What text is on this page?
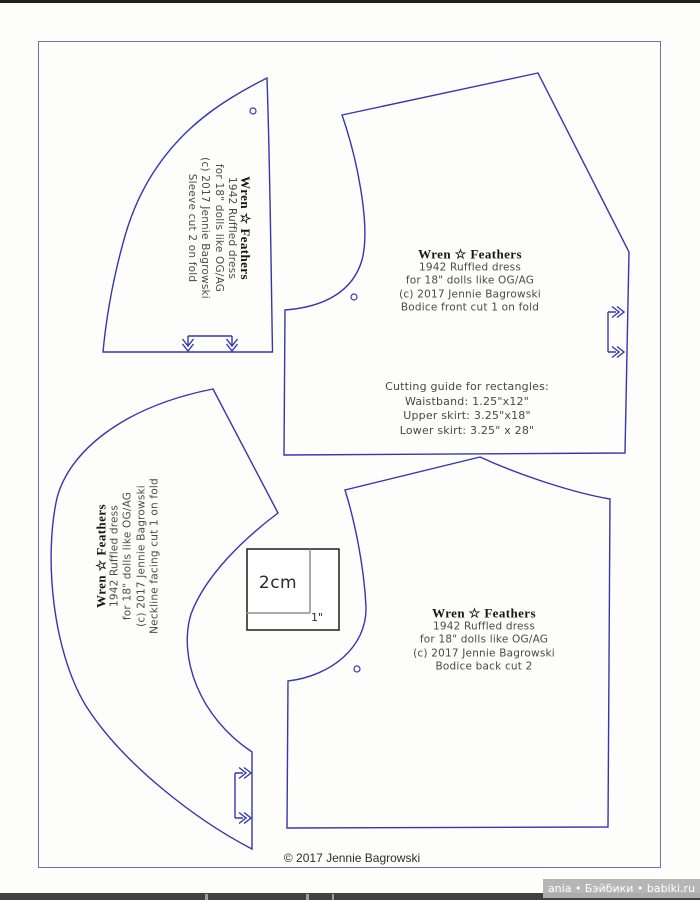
Wren ☆ Feathers
1942 Ruffled dress
for 18" dolls like OG/AG
(c) 2017 Jennie Bagrowski
Sleeve cut 2 on fold	Wren ☆ Feathers
1942 Ruffled dress
for 18" dolls like OG/AG
(c) 2017 Jennie Bagrowski
Bodice front cut 1 on fold
Cutting guide for rectangles:
Waistband: 1.25"x12"
Upper skirt: 3.25"x18"
Lower skirt: 3.25" x 28"
Wren ☆ Feathers 1942 Ruffled dress for 18" dolls like OG/AG (c) 2017 Jennie Bagrowski Neckline facing cut 1 on fold	Wren ☆ Feathers
1942 Ruffled dress
for 18" dolls like OG/AG
(c) 2017 Jennie Bagrowski
Bodice back cut 2
2cm
1"
© 2017 Jennie Bagrowski
ania • Бэйбики • babiki.ru
